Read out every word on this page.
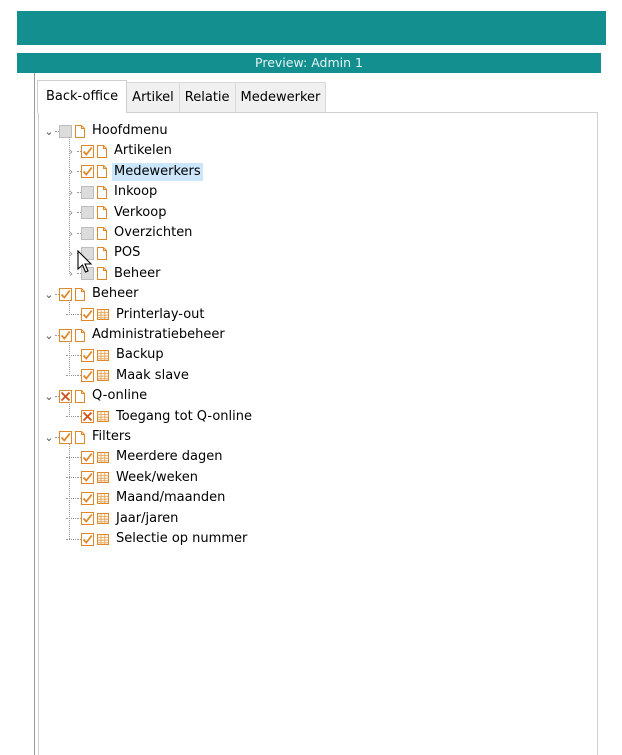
Preview: Admin 1
Back-office	Artikel Relatie Medewerker
⌄	Hoofdmenu
›	Artikelen
›	Medewerkers
›	Inkoop
›	Verkoop
›	Overzichten
›	POS
›	Beheer
⌄	Beheer
Printerlay-out
⌄	Administratiebeheer
Backup
Maak slave
⌄	Q-online
Toegang tot Q-online
⌄	Filters
Meerdere dagen
Week/weken
Maand/maanden
Jaar/jaren
Selectie op nummer
